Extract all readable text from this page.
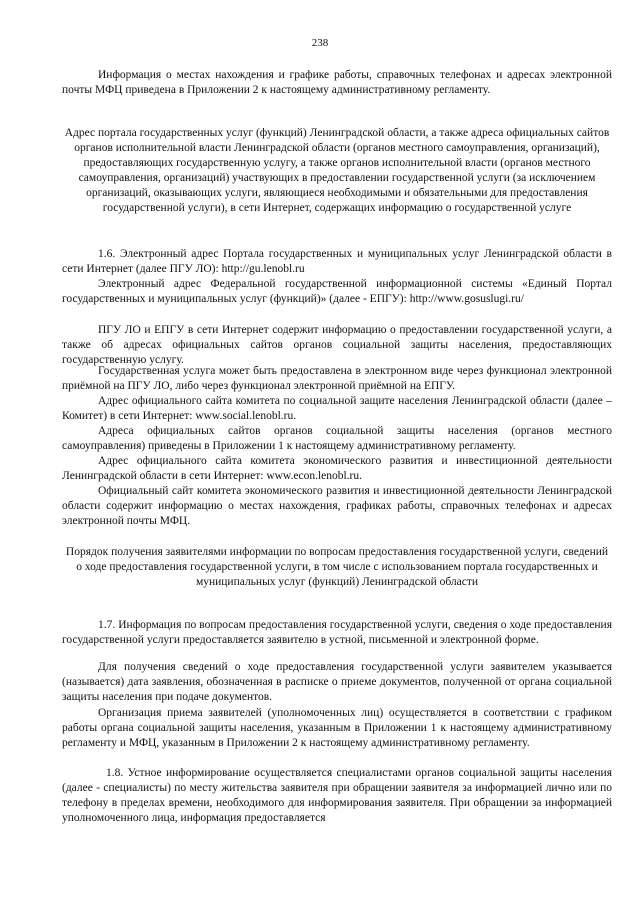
238

Информация о местах нахождения и графике работы, справочных телефонах и адресах электронной почты МФЦ приведена в Приложении 2 к настоящему административному регламенту.

Адрес портала государственных услуг (функций) Ленинградской области, а также адреса официальных сайтов органов исполнительной власти Ленинградской области (органов местного самоуправления, организаций), предоставляющих государственную услугу, а также органов исполнительной власти (органов местного самоуправления, организаций) участвующих в предоставлении государственной услуги (за исключением организаций, оказывающих услуги, являющиеся необходимыми и обязательными для предоставления государственной услуги), в сети Интернет, содержащих информацию о государственной услуге

1.6. Электронный адрес Портала государственных и муниципальных услуг Ленинградской области в сети Интернет (далее ПГУ ЛО): http://gu.lenobl.ru

Электронный адрес Федеральной государственной информационной системы «Единый Портал государственных и муниципальных услуг (функций)» (далее - ЕПГУ): http://www.gosuslugi.ru/

ПГУ ЛО и ЕПГУ в сети Интернет содержит информацию о предоставлении государственной услуги, а также об адресах официальных сайтов органов социальной защиты населения, предоставляющих государственную услугу.

Государственная услуга может быть предоставлена в электронном виде через функционал электронной приёмной на ПГУ ЛО, либо через функционал электронной приёмной на ЕПГУ.

Адрес официального сайта комитета по социальной защите населения Ленинградской области (далее – Комитет) в сети Интернет: www.social.lenobl.ru.

Адреса официальных сайтов органов социальной защиты населения (органов местного самоуправления) приведены в Приложении 1 к настоящему административному регламенту.

Адрес официального сайта комитета экономического развития и инвестиционной деятельности Ленинградской области в сети Интернет: www.econ.lenobl.ru.

Официальный сайт комитета экономического развития и инвестиционной деятельности Ленинградской области содержит информацию о местах нахождения, графиках работы, справочных телефонах и адресах электронной почты МФЦ.

Порядок получения заявителями информации по вопросам предоставления государственной услуги, сведений о ходе предоставления государственной услуги, в том числе с использованием портала государственных и муниципальных услуг (функций) Ленинградской области

1.7. Информация по вопросам предоставления государственной услуги, сведения о ходе предоставления государственной услуги предоставляется заявителю в устной, письменной и электронной форме.

Для получения сведений о ходе предоставления государственной услуги заявителем указывается (называется) дата заявления, обозначенная в расписке о приеме документов, полученной от органа социальной защиты населения при подаче документов.

Организация приема заявителей (уполномоченных лиц) осуществляется в соответствии с графиком работы органа социальной защиты населения, указанным в Приложении 1 к настоящему административному регламенту и МФЦ, указанным в Приложении 2 к настоящему административному регламенту.

1.8. Устное информирование осуществляется специалистами органов социальной защиты населения (далее - специалисты) по месту жительства заявителя при обращении заявителя за информацией лично или по телефону в пределах времени, необходимого для информирования заявителя. При обращении за информацией уполномоченного лица, информация предоставляется
